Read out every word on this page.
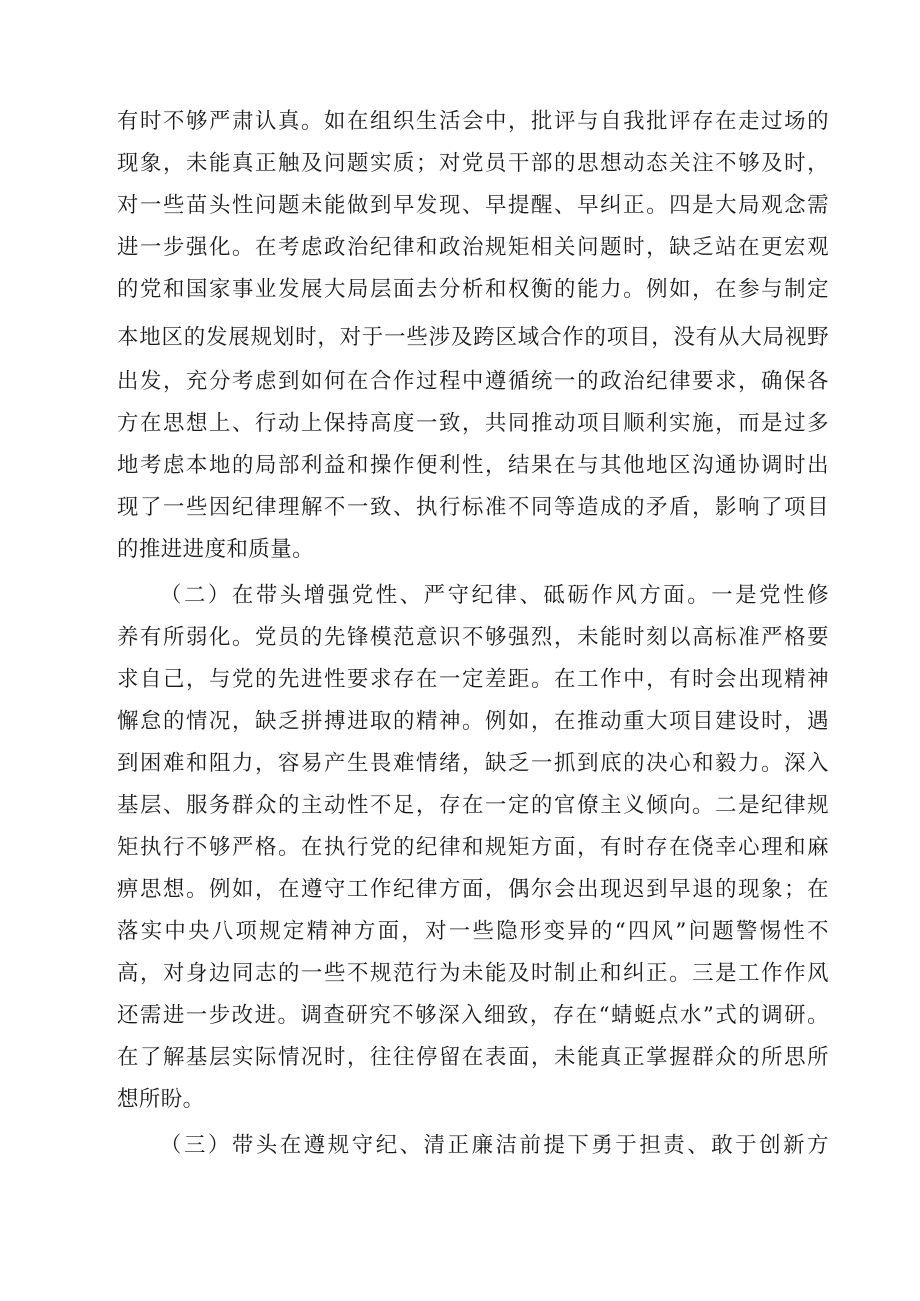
有时不够严肃认真。如在组织生活会中，批评与自我批评存在走过场的

现象，未能真正触及问题实质；对党员干部的思想动态关注不够及时，

对一些苗头性问题未能做到早发现、早提醒、早纠正。四是大局观念需

进一步强化。在考虑政治纪律和政治规矩相关问题时，缺乏站在更宏观

的党和国家事业发展大局层面去分析和权衡的能力。例如，在参与制定

本地区的发展规划时，对于一些涉及跨区域合作的项目，没有从大局视野

出发，充分考虑到如何在合作过程中遵循统一的政治纪律要求，确保各

方在思想上、行动上保持高度一致，共同推动项目顺利实施，而是过多

地考虑本地的局部利益和操作便利性，结果在与其他地区沟通协调时出

现了一些因纪律理解不一致、执行标准不同等造成的矛盾，影响了项目

的推进进度和质量。

（二）在带头增强党性、严守纪律、砥砺作风方面。一是党性修

养有所弱化。党员的先锋模范意识不够强烈，未能时刻以高标准严格要

求自己，与党的先进性要求存在一定差距。在工作中，有时会出现精神

懈怠的情况，缺乏拼搏进取的精神。例如，在推动重大项目建设时，遇

到困难和阻力，容易产生畏难情绪，缺乏一抓到底的决心和毅力。深入

基层、服务群众的主动性不足，存在一定的官僚主义倾向。二是纪律规

矩执行不够严格。在执行党的纪律和规矩方面，有时存在侥幸心理和麻

痹思想。例如，在遵守工作纪律方面，偶尔会出现迟到早退的现象；在

落实中央八项规定精神方面，对一些隐形变异的“四风”问题警惕性不

高，对身边同志的一些不规范行为未能及时制止和纠正。三是工作作风

还需进一步改进。调查研究不够深入细致，存在“蜻蜓点水”式的调研。

在了解基层实际情况时，往往停留在表面，未能真正掌握群众的所思所

想所盼。

（三）带头在遵规守纪、清正廉洁前提下勇于担责、敢于创新方
